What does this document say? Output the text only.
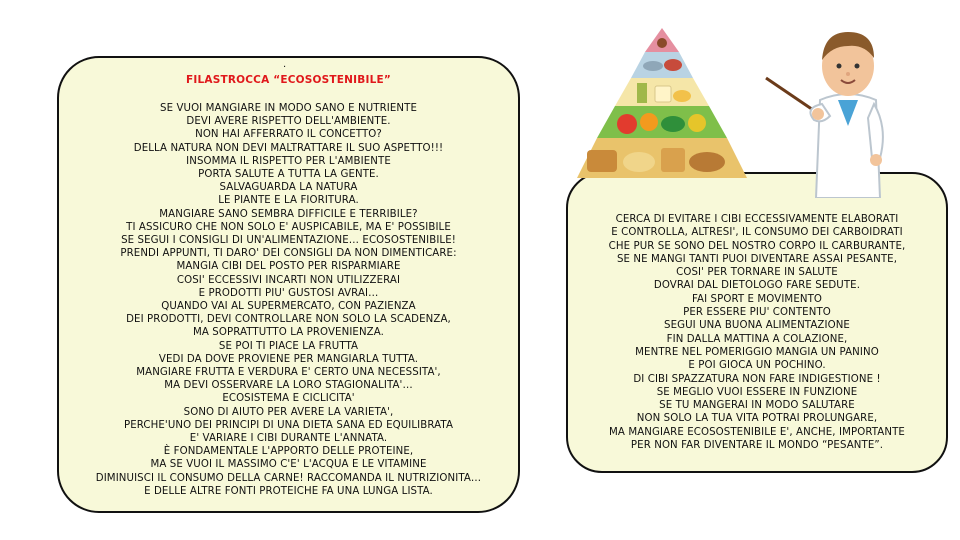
.
FILASTROCCA “ECOSOSTENIBILE”
SE VUOI MANGIARE IN MODO SANO E NUTRIENTE
DEVI AVERE RISPETTO DELL'AMBIENTE.
NON HAI AFFERRATO IL CONCETTO?
DELLA NATURA NON DEVI MALTRATTARE IL SUO ASPETTO!!!
INSOMMA IL RISPETTO PER L'AMBIENTE
PORTA SALUTE A TUTTA LA GENTE.
SALVAGUARDA LA NATURA
LE PIANTE E LA FIORITURA.
MANGIARE SANO SEMBRA DIFFICILE E TERRIBILE?
TI ASSICURO CHE NON SOLO E' AUSPICABILE, MA E' POSSIBILE
SE SEGUI I CONSIGLI DI UN'ALIMENTAZIONE… ECOSOSTENIBILE!
PRENDI APPUNTI, TI DARO' DEI CONSIGLI DA NON DIMENTICARE:
MANGIA CIBI DEL POSTO PER RISPARMIARE
COSI' ECCESSIVI INCARTI NON UTILIZZERAI
E PRODOTTI PIU' GUSTOSI AVRAI…
QUANDO VAI AL SUPERMERCATO, CON PAZIENZA
DEI PRODOTTI, DEVI CONTROLLARE NON SOLO LA SCADENZA,
MA SOPRATTUTTO LA PROVENIENZA.
SE POI TI PIACE LA FRUTTA
VEDI DA DOVE PROVIENE PER MANGIARLA TUTTA.
MANGIARE FRUTTA E VERDURA E' CERTO UNA NECESSITA',
MA DEVI OSSERVARE LA LORO STAGIONALITA'…
ECOSISTEMA E CICLICITA'
SONO DI AIUTO PER AVERE LA VARIETA',
PERCHE'UNO DEI PRINCIPI DI UNA DIETA SANA ED EQUILIBRATA
E' VARIARE I CIBI DURANTE L'ANNATA.
È FONDAMENTALE L'APPORTO DELLE PROTEINE,
MA SE VUOI IL MASSIMO C'E' L'ACQUA E LE VITAMINE
DIMINUISCI IL CONSUMO DELLA CARNE! RACCOMANDA IL NUTRIZIONITA…
E DELLE ALTRE FONTI PROTEICHE FA UNA LUNGA LISTA.
CERCA DI EVITARE I CIBI ECCESSIVAMENTE ELABORATI
E CONTROLLA, ALTRESI', IL CONSUMO DEI CARBOIDRATI
CHE PUR SE SONO DEL NOSTRO CORPO IL CARBURANTE,
SE NE MANGI TANTI PUOI DIVENTARE ASSAI PESANTE,
COSI' PER TORNARE IN SALUTE
DOVRAI DAL DIETOLOGO FARE SEDUTE.
FAI SPORT E MOVIMENTO
PER ESSERE PIU' CONTENTO
SEGUI UNA BUONA ALIMENTAZIONE
FIN DALLA MATTINA A COLAZIONE,
MENTRE NEL POMERIGGIO MANGIA UN PANINO
E POI GIOCA UN POCHINO.
DI CIBI SPAZZATURA NON FARE INDIGESTIONE !
SE MEGLIO VUOI ESSERE IN FUNZIONE
SE TU MANGERAI IN MODO SALUTARE
NON SOLO LA TUA VITA POTRAI PROLUNGARE,
MA MANGIARE ECOSOSTENIBILE E', ANCHE, IMPORTANTE
PER NON FAR DIVENTARE IL MONDO “PESANTE”.
